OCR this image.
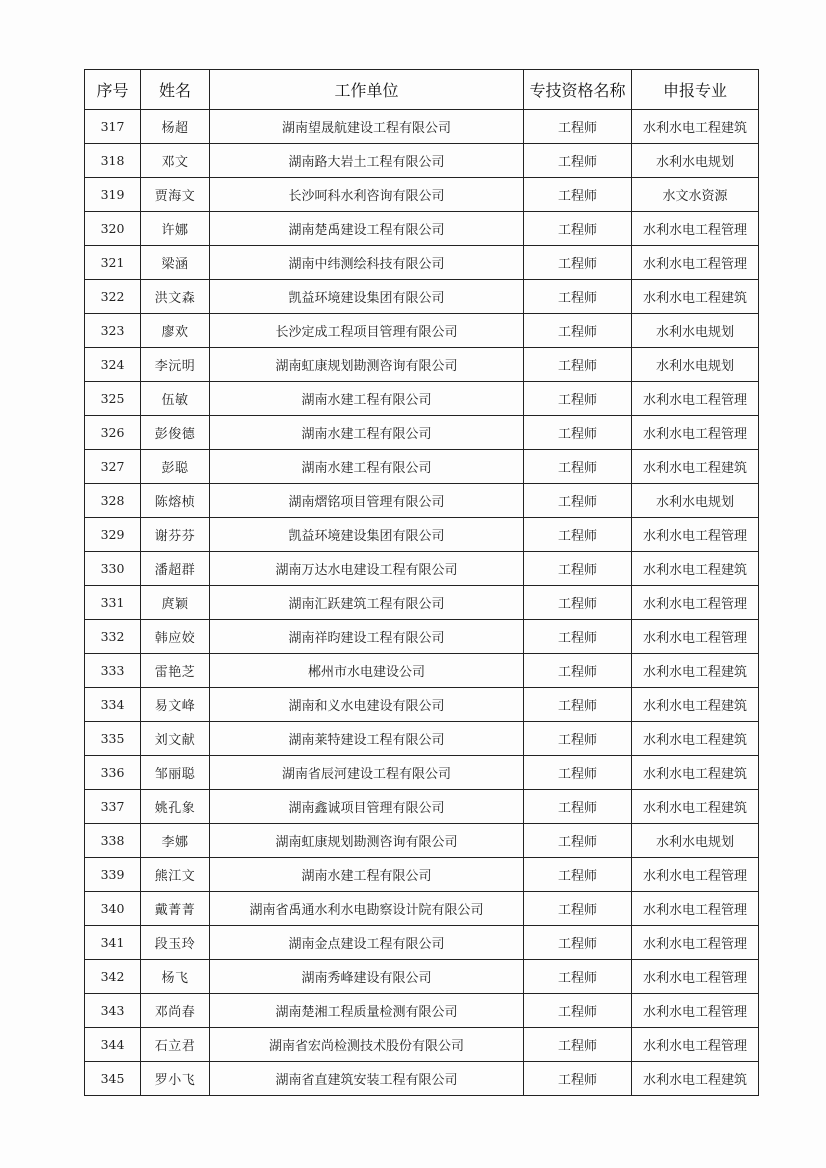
序号	姓名	工作单位	专技资格名称	申报专业
317	杨超	湖南望晟航建设工程有限公司	工程师	水利水电工程建筑
318	邓文	湖南路大岩土工程有限公司	工程师	水利水电规划
319	贾海文	长沙呵科水利咨询有限公司	工程师	水文水资源
320	许娜	湖南楚禹建设工程有限公司	工程师	水利水电工程管理
321	梁涵	湖南中纬测绘科技有限公司	工程师	水利水电工程管理
322	洪文森	凯益环境建设集团有限公司	工程师	水利水电工程建筑
323	廖欢	长沙定成工程项目管理有限公司	工程师	水利水电规划
324	李沅明	湖南虹康规划勘测咨询有限公司	工程师	水利水电规划
325	伍敏	湖南水建工程有限公司	工程师	水利水电工程管理
326	彭俊德	湖南水建工程有限公司	工程师	水利水电工程管理
327	彭聪	湖南水建工程有限公司	工程师	水利水电工程建筑
328	陈熔桢	湖南熠铭项目管理有限公司	工程师	水利水电规划
329	谢芬芬	凯益环境建设集团有限公司	工程师	水利水电工程管理
330	潘超群	湖南万达水电建设工程有限公司	工程师	水利水电工程建筑
331	庹颖	湖南汇跃建筑工程有限公司	工程师	水利水电工程管理
332	韩应姣	湖南祥昀建设工程有限公司	工程师	水利水电工程管理
333	雷艳芝	郴州市水电建设公司	工程师	水利水电工程建筑
334	易文峰	湖南和义水电建设有限公司	工程师	水利水电工程建筑
335	刘文献	湖南莱特建设工程有限公司	工程师	水利水电工程建筑
336	邹丽聪	湖南省辰河建设工程有限公司	工程师	水利水电工程建筑
337	姚孔象	湖南鑫诚项目管理有限公司	工程师	水利水电工程建筑
338	李娜	湖南虹康规划勘测咨询有限公司	工程师	水利水电规划
339	熊江文	湖南水建工程有限公司	工程师	水利水电工程管理
340	戴菁菁	湖南省禹通水利水电勘察设计院有限公司	工程师	水利水电工程管理
341	段玉玲	湖南金点建设工程有限公司	工程师	水利水电工程管理
342	杨飞	湖南秀峰建设有限公司	工程师	水利水电工程管理
343	邓尚春	湖南楚湘工程质量检测有限公司	工程师	水利水电工程管理
344	石立君	湖南省宏尚检测技术股份有限公司	工程师	水利水电工程管理
345	罗小飞	湖南省直建筑安装工程有限公司	工程师	水利水电工程建筑
